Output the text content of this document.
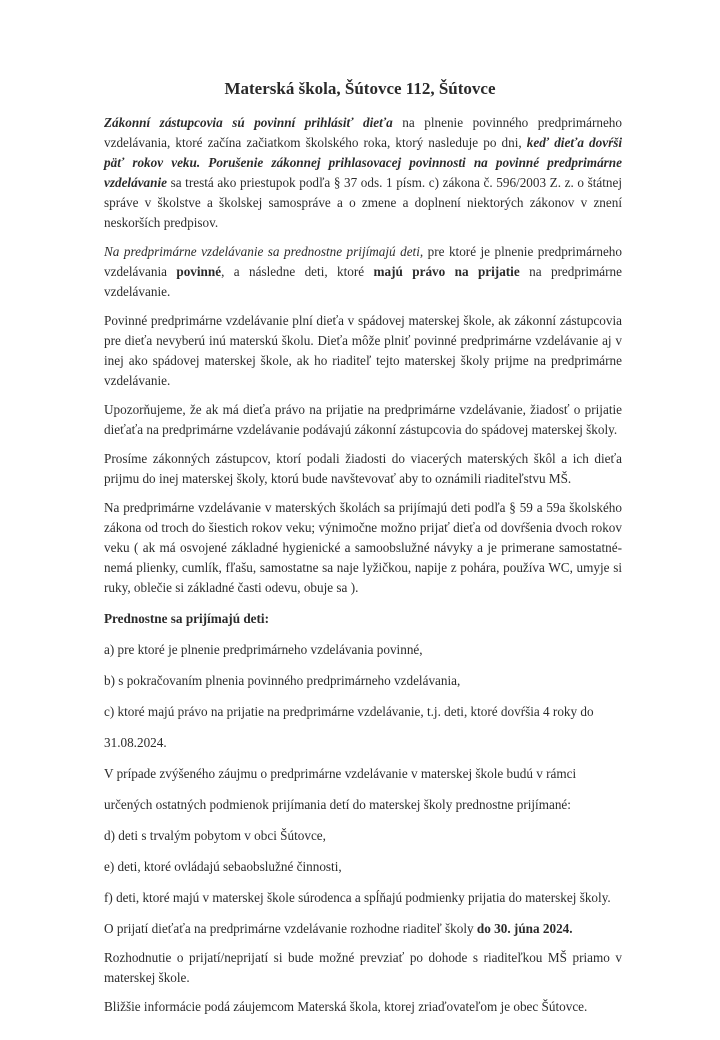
Materská škola, Šútovce 112, Šútovce

Zákonní zástupcovia sú povinní prihlásiť dieťa na plnenie povinného predprimárneho vzdelávania, ktoré začína začiatkom školského roka, ktorý nasleduje po dni, keď dieťa dovŕši päť rokov veku. Porušenie zákonnej prihlasovacej povinnosti na povinné predprimárne vzdelávanie sa trestá ako priestupok podľa § 37 ods. 1 písm. c) zákona č. 596/2003 Z. z. o štátnej správe v školstve a školskej samospráve a o zmene a doplnení niektorých zákonov v znení neskorších predpisov.

Na predprimárne vzdelávanie sa prednostne prijímajú deti, pre ktoré je plnenie predprimárneho vzdelávania povinné, a následne deti, ktoré majú právo na prijatie na predprimárne vzdelávanie.

Povinné predprimárne vzdelávanie plní dieťa v spádovej materskej škole, ak zákonní zástupcovia pre dieťa nevyberú inú materskú školu. Dieťa môže plniť povinné predprimárne vzdelávanie aj v inej ako spádovej materskej škole, ak ho riaditeľ tejto materskej školy prijme na predprimárne vzdelávanie.

Upozorňujeme, že ak má dieťa právo na prijatie na predprimárne vzdelávanie, žiadosť o prijatie dieťaťa na predprimárne vzdelávanie podávajú zákonní zástupcovia do spádovej materskej školy.

Prosíme zákonných zástupcov, ktorí podali žiadosti do viacerých materských škôl a ich dieťa prijmu do inej materskej školy, ktorú bude navštevovať aby to oznámili riaditeľstvu MŠ.

Na predprimárne vzdelávanie v materských školách sa prijímajú deti podľa § 59 a 59a školského zákona od troch do šiestich rokov veku; výnimočne možno prijať dieťa od dovŕšenia dvoch rokov veku ( ak má osvojené základné hygienické a samoobslužné návyky a je primerane samostatné- nemá plienky, cumlík, fľašu, samostatne sa naje lyžičkou, napije z pohára, používa WC, umyje si ruky, oblečie si základné časti odevu, obuje sa ).

Prednostne sa prijímajú deti:

a) pre ktoré je plnenie predprimárneho vzdelávania povinné,

b) s pokračovaním plnenia povinného predprimárneho vzdelávania,

c) ktoré majú právo na prijatie na predprimárne vzdelávanie, t.j. deti, ktoré dovŕšia 4 roky do

31.08.2024.

V prípade zvýšeného záujmu o predprimárne vzdelávanie v materskej škole budú v rámci

určených ostatných podmienok prijímania detí do materskej školy prednostne prijímané:

d) deti s trvalým pobytom v obci Šútovce,

e) deti, ktoré ovládajú sebaobslužné činnosti,

f) deti, ktoré majú v materskej škole súrodenca a spĺňajú podmienky prijatia do materskej školy.

O prijatí dieťaťa na predprimárne vzdelávanie rozhodne riaditeľ školy do 30. júna 2024.

Rozhodnutie o prijatí/neprijatí si bude možné prevziať po dohode s riaditeľkou MŠ priamo v materskej škole.

Bližšie informácie podá záujemcom Materská škola, ktorej zriaďovateľom je obec Šútovce.
